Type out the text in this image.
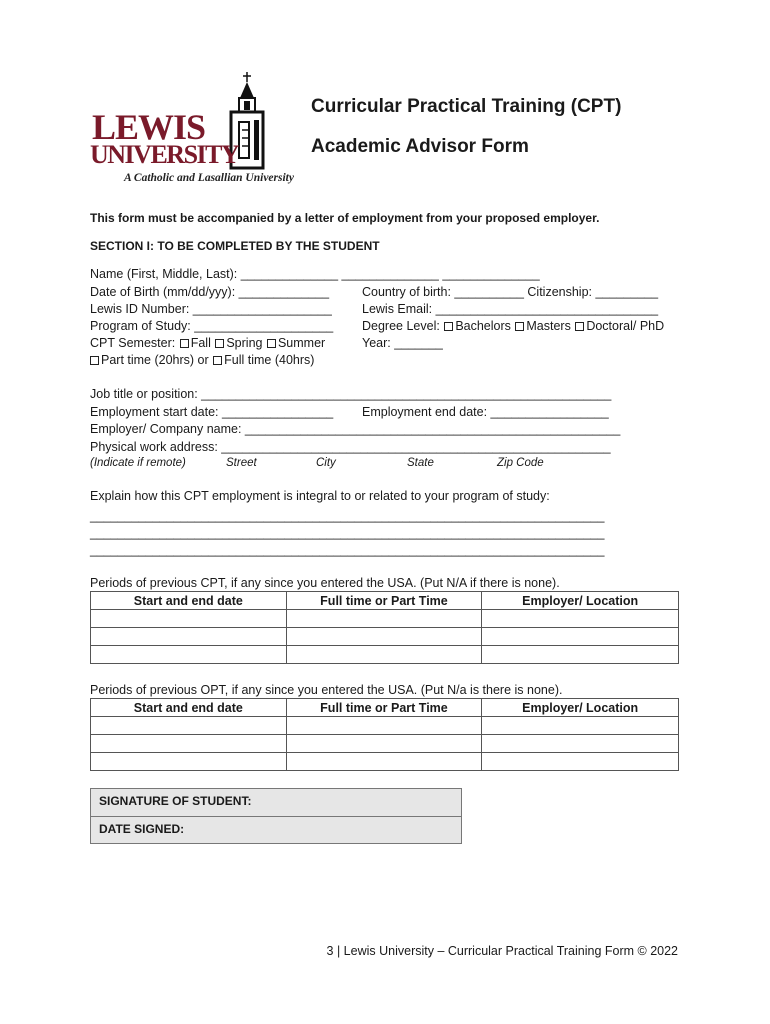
LEWIS
UNIVERSITY
A Catholic and Lasallian University
Curricular Practical Training (CPT)
Academic Advisor Form
This form must be accompanied by a letter of employment from your proposed employer.
SECTION I: TO BE COMPLETED BY THE STUDENT
Name (First, Middle, Last): ______________ ______________ ______________
Date of Birth (mm/dd/yyy): _____________	Country of birth: __________ Citizenship: _________
Lewis ID Number: ____________________ Lewis Email: ________________________________
Program of Study: ____________________ Degree Level: Bachelors Masters Doctoral/ PhD
CPT Semester: Fall Spring Summer	Year: _______
Part time (20hrs) or Full time (40hrs)
Job title or position: ___________________________________________________________
Employment start date: ________________ Employment end date: _________________
Employer/ Company name: ______________________________________________________
Physical work address: ________________________________________________________
(Indicate if remote)	Street	City	State	Zip Code
Explain how this CPT employment is integral to or related to your program of study:
__________________________________________________________________________
__________________________________________________________________________
__________________________________________________________________________
Periods of previous CPT, if any since you entered the USA. (Put N/A if there is none).
Start and end date	Full time or Part Time	Employer/ Location

Periods of previous OPT, if any since you entered the USA. (Put N/a is there is none).
Start and end date	Full time or Part Time	Employer/ Location

SIGNATURE OF STUDENT:
DATE SIGNED:
3 | Lewis University – Curricular Practical Training Form © 2022
